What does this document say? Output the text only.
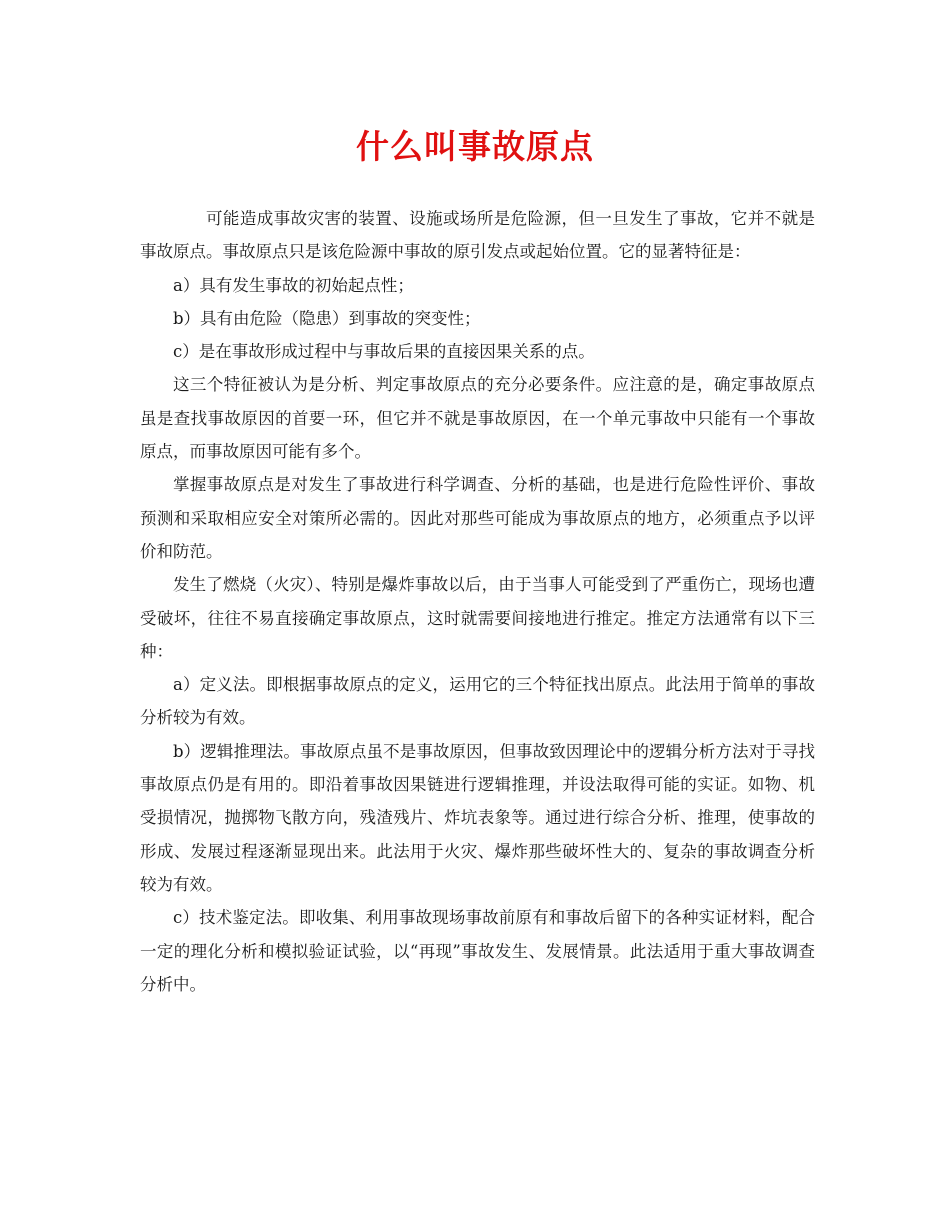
什么叫事故原点

可能造成事故灾害的装置、设施或场所是危险源，但一旦发生了事故，它并不就是事故原点。事故原点只是该危险源中事故的原引发点或起始位置。它的显著特征是：

a）具有发生事故的初始起点性；

b）具有由危险（隐患）到事故的突变性；

c）是在事故形成过程中与事故后果的直接因果关系的点。

这三个特征被认为是分析、判定事故原点的充分必要条件。应注意的是，确定事故原点虽是查找事故原因的首要一环，但它并不就是事故原因，在一个单元事故中只能有一个事故原点，而事故原因可能有多个。

掌握事故原点是对发生了事故进行科学调查、分析的基础，也是进行危险性评价、事故预测和采取相应安全对策所必需的。因此对那些可能成为事故原点的地方，必须重点予以评价和防范。

发生了燃烧（火灾）、特别是爆炸事故以后，由于当事人可能受到了严重伤亡，现场也遭受破坏，往往不易直接确定事故原点，这时就需要间接地进行推定。推定方法通常有以下三种：

a）定义法。即根据事故原点的定义，运用它的三个特征找出原点。此法用于简单的事故分析较为有效。

b）逻辑推理法。事故原点虽不是事故原因，但事故致因理论中的逻辑分析方法对于寻找事故原点仍是有用的。即沿着事故因果链进行逻辑推理，并设法取得可能的实证。如物、机受损情况，抛掷物飞散方向，残渣残片、炸坑表象等。通过进行综合分析、推理，使事故的形成、发展过程逐渐显现出来。此法用于火灾、爆炸那些破坏性大的、复杂的事故调查分析较为有效。

c）技术鉴定法。即收集、利用事故现场事故前原有和事故后留下的各种实证材料，配合一定的理化分析和模拟验证试验，以“再现”事故发生、发展情景。此法适用于重大事故调查分析中。
